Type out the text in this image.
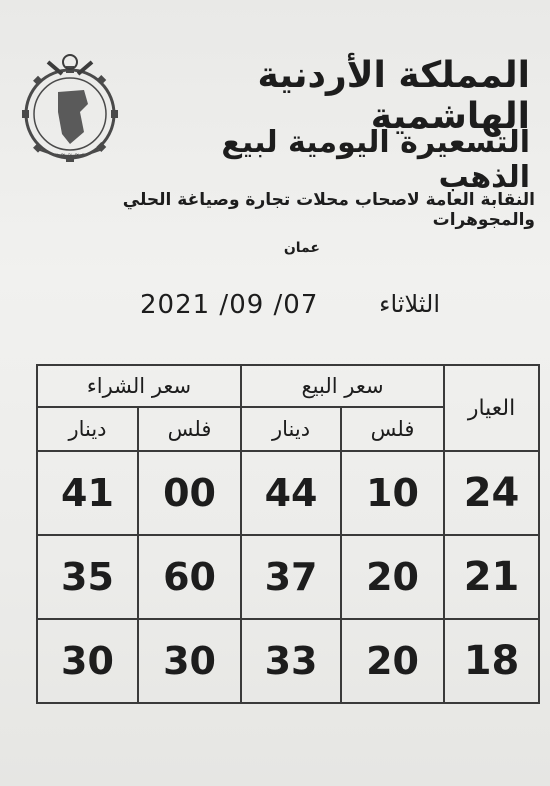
~ ~ ~ ~ ~
المملكة الأردنية الهاشمية
التسعيرة اليومية لبيع الذهب
النقابة العامة لاصحاب محلات تجارة وصياغة الحلي والمجوهرات
عمان
2021 /09 /07	الثلاثاء
سعر الشراء		سعر البيع		العيار
دينار	فلس	دينار	فلس	
41	00	44	10	24
35	60	37	20	21
30	30	33	20	18
